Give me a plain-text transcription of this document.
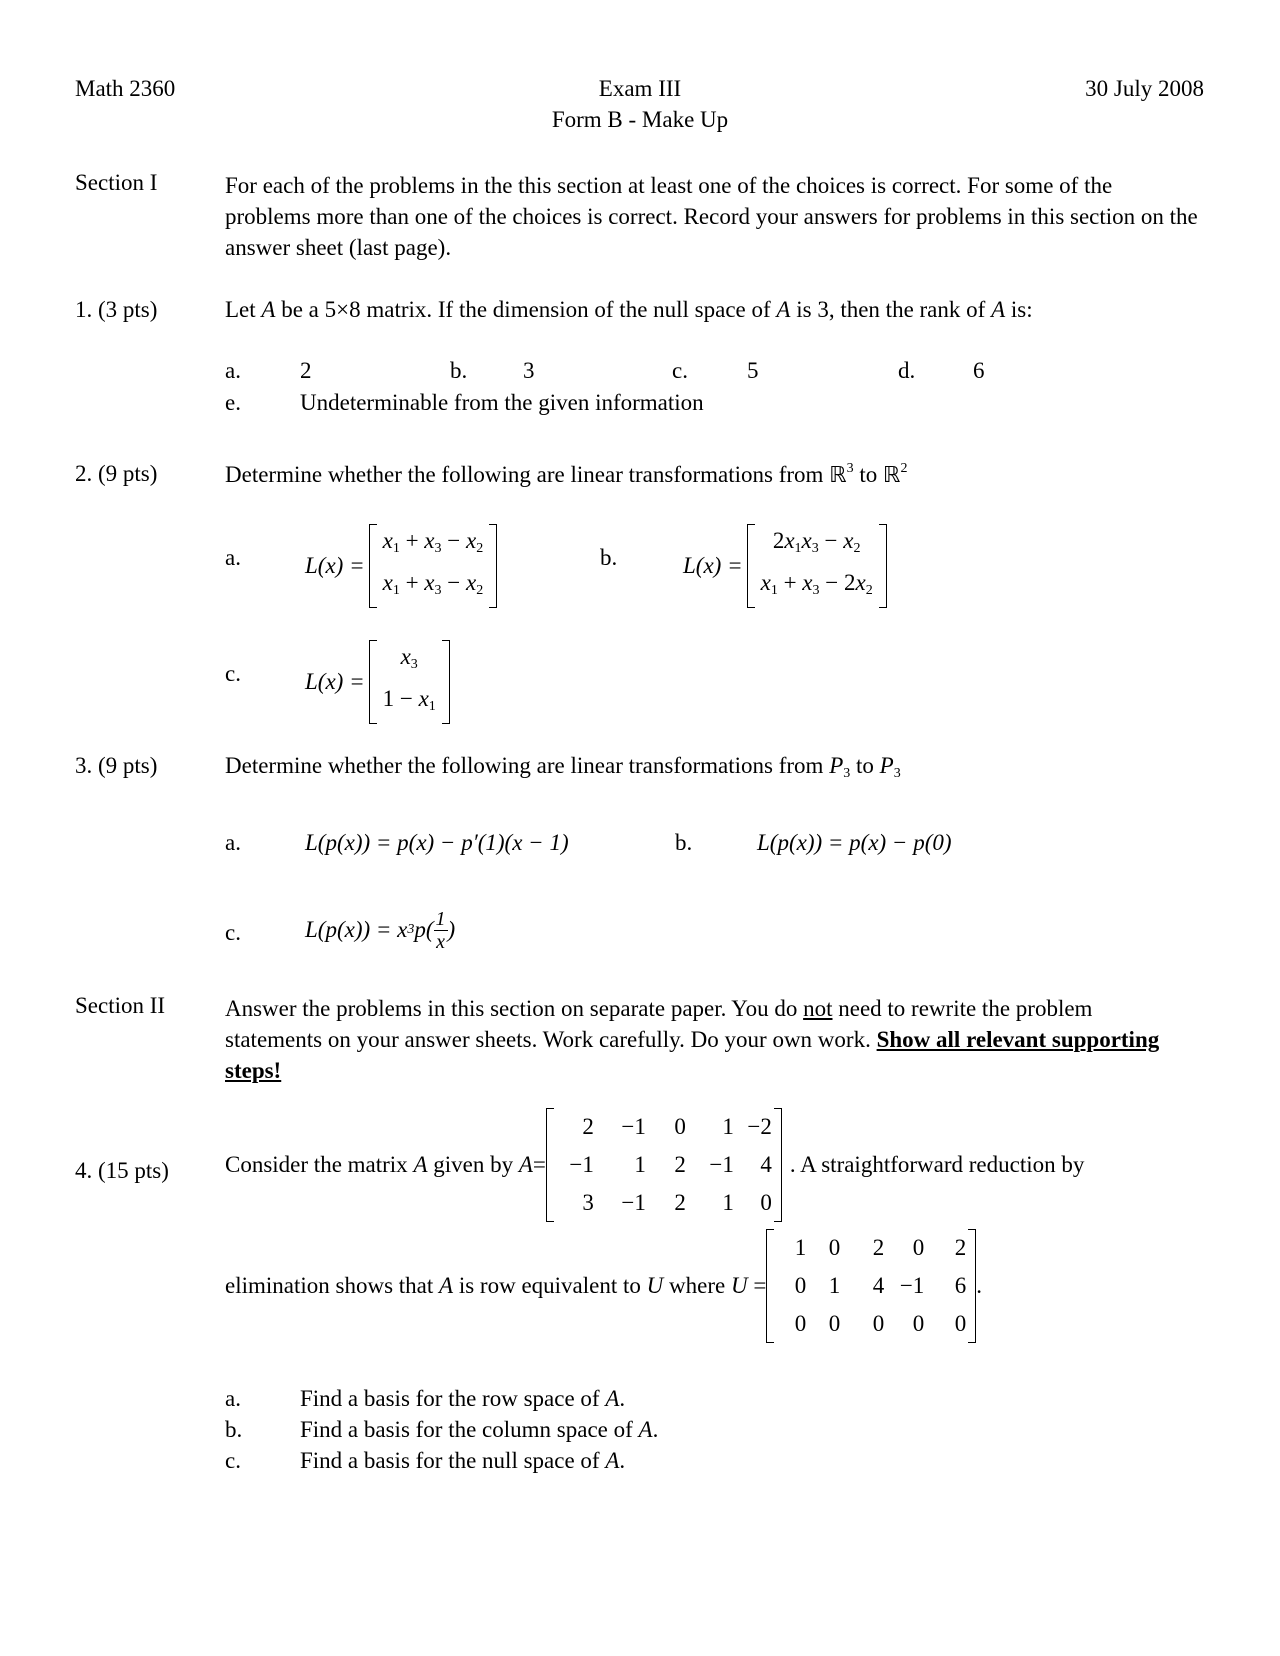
Math 2360	Exam III
Form B - Make Up
30 July 2008
Section I	For each of the problems in the this section at least one of the choices is correct. For some of the problems more than one of the choices is correct. Record your answers for problems in this section on the answer sheet (last page).
1. (3 pts)	Let A be a 5×8 matrix. If the dimension of the null space of A is 3, then the rank of A is:
a.	2	b. 3	c.	5	d.	6
e.	Undeterminable from the given information
2. (9 pts)	Determine whether the following are linear transformations from ℝ$^3$ to ℝ$^2$
a.	L(x) =
$x_1 + x_3 - x_2$
$x_1 + x_3 - x_2$
b.	L(x) =
$2x_1x_3 - x_2$
$x_1 + x_3 - 2x_2$
c.	L(x) =
$x_3$
$1 - x_1$
3. (9 pts)	Determine whether the following are linear transformations from $P_3$ to $P_3$
a.	L(p(x)) = p(x) − p′(1)(x − 1)	b.	L(p(x)) = p(x) − p(0)
c.	L(p(x)) = x 3 $p( \frac{1}{x}$ )
Section II	Answer the problems in this section on separate paper. You do not need to rewrite the problem statements on your answer sheets. Work carefully. Do your own work. Show all relevant supporting steps!
4. (15 pts) Consider the matrix
A
given by
A =
2	−1	0	1 −2
−1	1	2	−1	4
3	−1	2	1	0
. A straightforward reduction by
elimination shows that
A
is row equivalent to
U
where
U
=
1 0	2	0	2
0 1	4 −1	6
0 0	0	0	0
.
a.	Find a basis for the row space of A.
b.	Find a basis for the column space of A.
c.	Find a basis for the null space of A.
